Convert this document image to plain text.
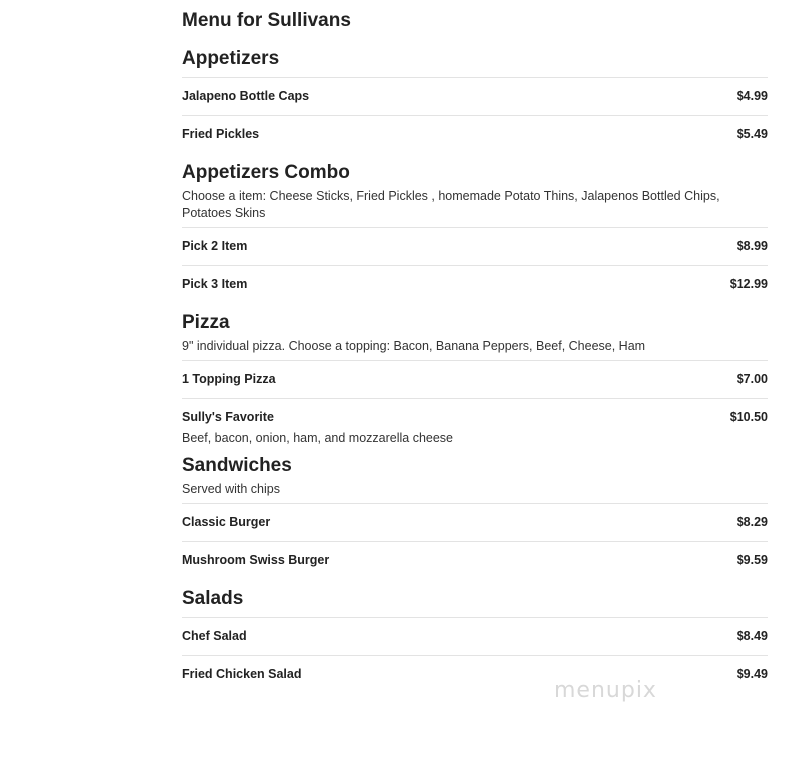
Menu for Sullivans
Appetizers
Jalapeno Bottle Caps	$4.99
Fried Pickles	$5.49
Appetizers Combo
Choose a item: Cheese Sticks, Fried Pickles , homemade Potato Thins, Jalapenos Bottled Chips, Potatoes Skins
Pick 2 Item	$8.99
Pick 3 Item	$12.99
Pizza
9" individual pizza. Choose a topping: Bacon, Banana Peppers, Beef, Cheese, Ham
1 Topping Pizza	$7.00
Sully's Favorite	$10.50
Beef, bacon, onion, ham, and mozzarella cheese
Sandwiches
Served with chips
Classic Burger	$8.29
Mushroom Swiss Burger	$9.59
Salads
Chef Salad	$8.49
Fried Chicken Salad	$9.49
menupix
